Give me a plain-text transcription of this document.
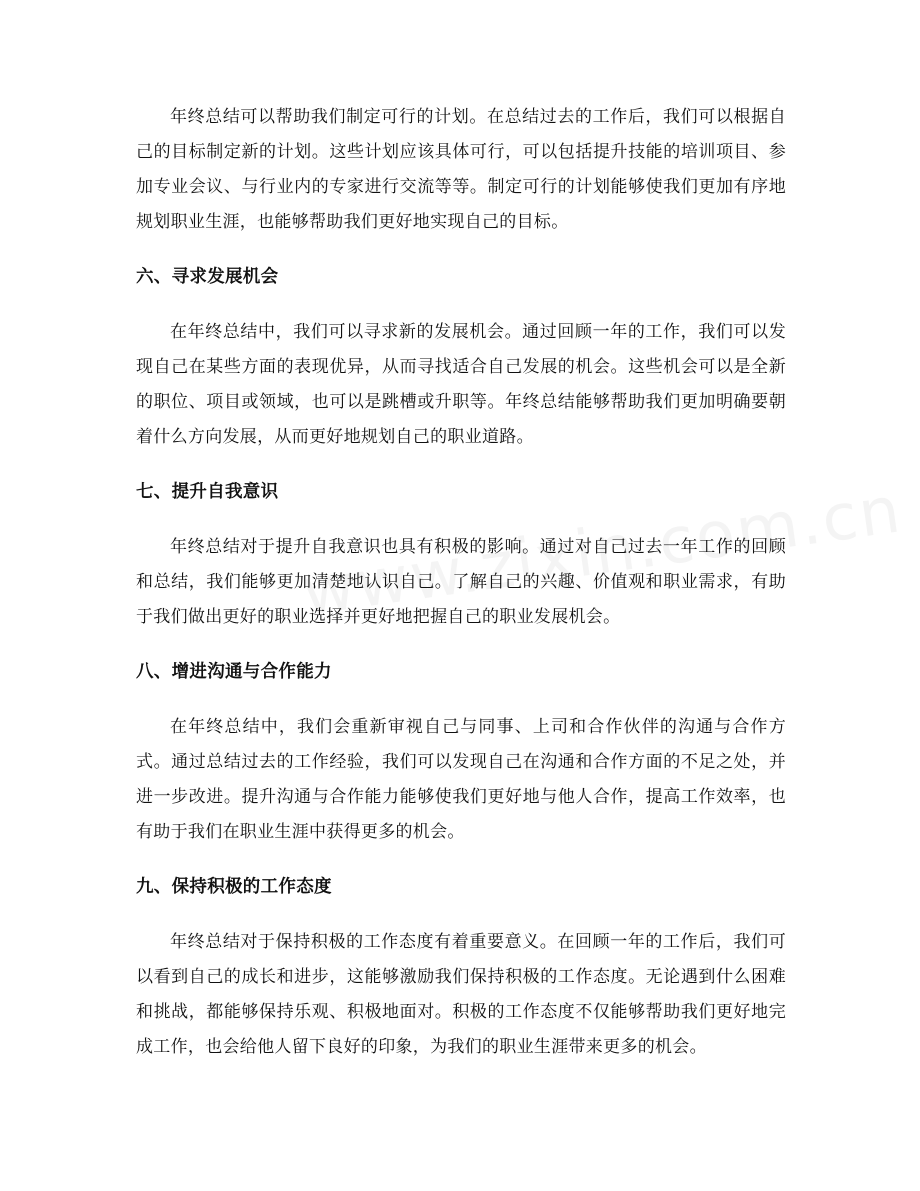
年终总结可以帮助我们制定可行的计划。在总结过去的工作后，我们可以根据自己的目标制定新的计划。这些计划应该具体可行，可以包括提升技能的培训项目、参加专业会议、与行业内的专家进行交流等等。制定可行的计划能够使我们更加有序地规划职业生涯，也能够帮助我们更好地实现自己的目标。

六、寻求发展机会

在年终总结中，我们可以寻求新的发展机会。通过回顾一年的工作，我们可以发现自己在某些方面的表现优异，从而寻找适合自己发展的机会。这些机会可以是全新的职位、项目或领域，也可以是跳槽或升职等。年终总结能够帮助我们更加明确要朝着什么方向发展，从而更好地规划自己的职业道路。

七、提升自我意识

年终总结对于提升自我意识也具有积极的影响。通过对自己过去一年工作的回顾和总结，我们能够更加清楚地认识自己。了解自己的兴趣、价值观和职业需求，有助于我们做出更好的职业选择并更好地把握自己的职业发展机会。

八、增进沟通与合作能力

在年终总结中，我们会重新审视自己与同事、上司和合作伙伴的沟通与合作方式。通过总结过去的工作经验，我们可以发现自己在沟通和合作方面的不足之处，并进一步改进。提升沟通与合作能力能够使我们更好地与他人合作，提高工作效率，也有助于我们在职业生涯中获得更多的机会。

九、保持积极的工作态度

年终总结对于保持积极的工作态度有着重要意义。在回顾一年的工作后，我们可以看到自己的成长和进步，这能够激励我们保持积极的工作态度。无论遇到什么困难和挑战，都能够保持乐观、积极地面对。积极的工作态度不仅能够帮助我们更好地完成工作，也会给他人留下良好的印象，为我们的职业生涯带来更多的机会。
